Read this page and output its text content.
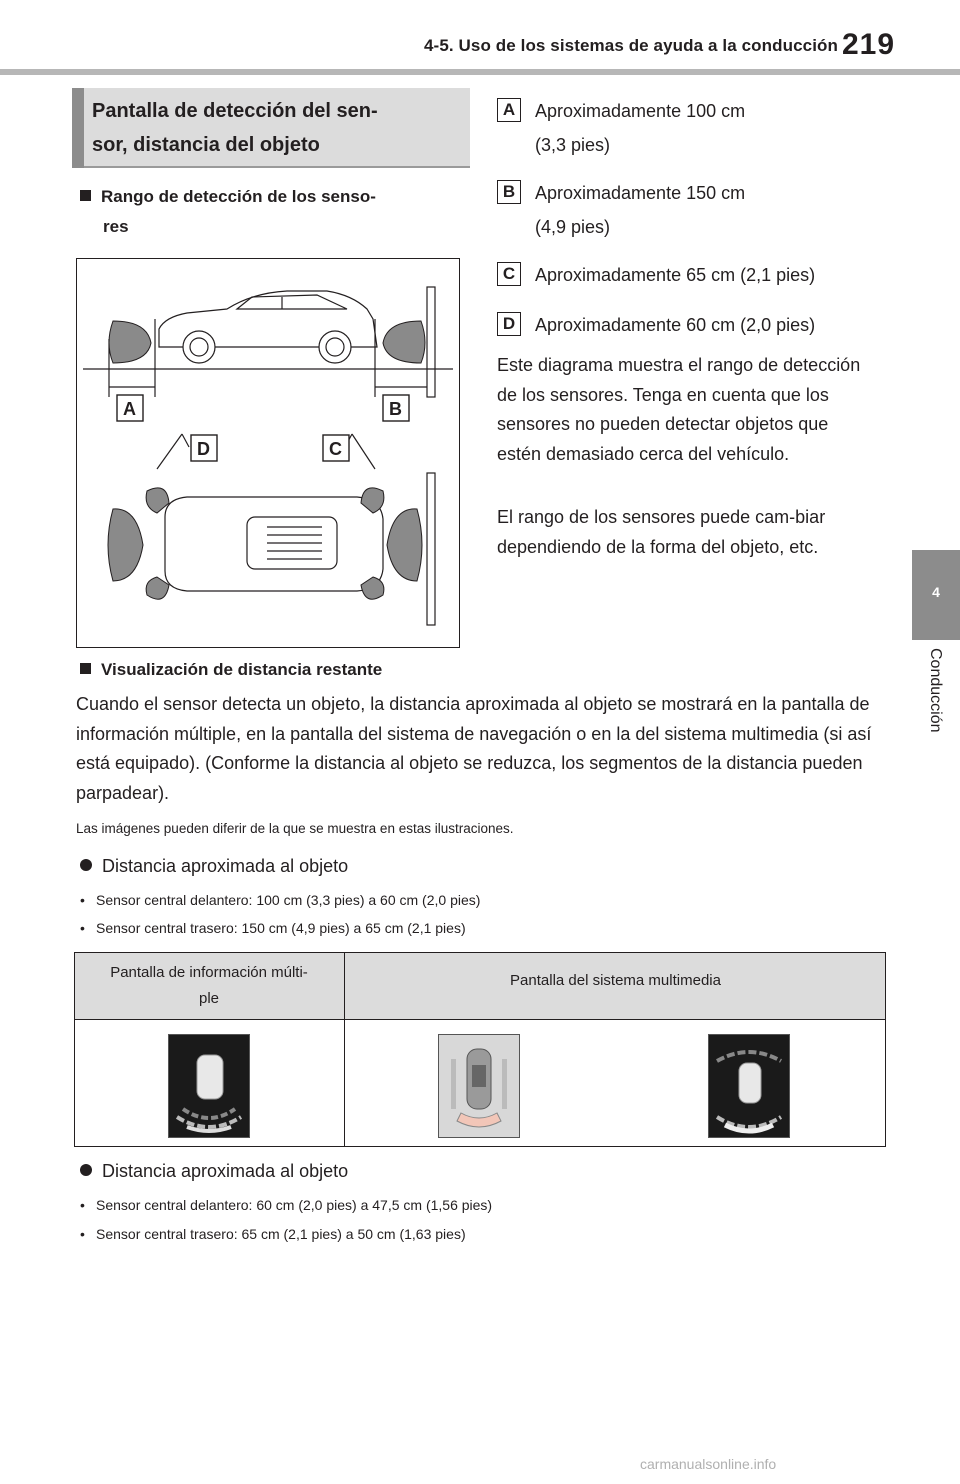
4-5. Uso de los sistemas de ayuda a la conducción 219
4
Conducción
Pantalla de detección del sen-
sor, distancia del objeto
Rango de detección de los senso-
res
A	B
D	C
A	Aproximadamente 100 cm
(3,3 pies)
B	Aproximadamente 150 cm
(4,9 pies)
C	Aproximadamente 65 cm (2,1 pies)
D	Aproximadamente 60 cm (2,0 pies)
Este diagrama muestra el rango de detección de los sensores. Tenga en cuenta que los sensores no pueden detectar objetos que estén demasiado cerca del vehículo.
El rango de los sensores puede cam-biar dependiendo de la forma del objeto, etc.
Visualización de distancia restante
Cuando el sensor detecta un objeto, la distancia aproximada al objeto se mostrará en la pantalla de información múltiple, en la pantalla del sistema de navegación o en la del sistema multimedia (si así está equipado). (Conforme la distancia al objeto se reduzca, los segmentos de la distancia pueden parpadear).
Las imágenes pueden diferir de la que se muestra en estas ilustraciones.
Distancia aproximada al objeto
• Sensor central delantero: 100 cm (3,3 pies) a 60 cm (2,0 pies)
• Sensor central trasero: 150 cm (4,9 pies) a 65 cm (2,1 pies)
Pantalla de información múlti-
ple
Pantalla del sistema multimedia
Distancia aproximada al objeto
• Sensor central delantero: 60 cm (2,0 pies) a 47,5 cm (1,56 pies)
• Sensor central trasero: 65 cm (2,1 pies) a 50 cm (1,63 pies)
carmanualsonline.info
